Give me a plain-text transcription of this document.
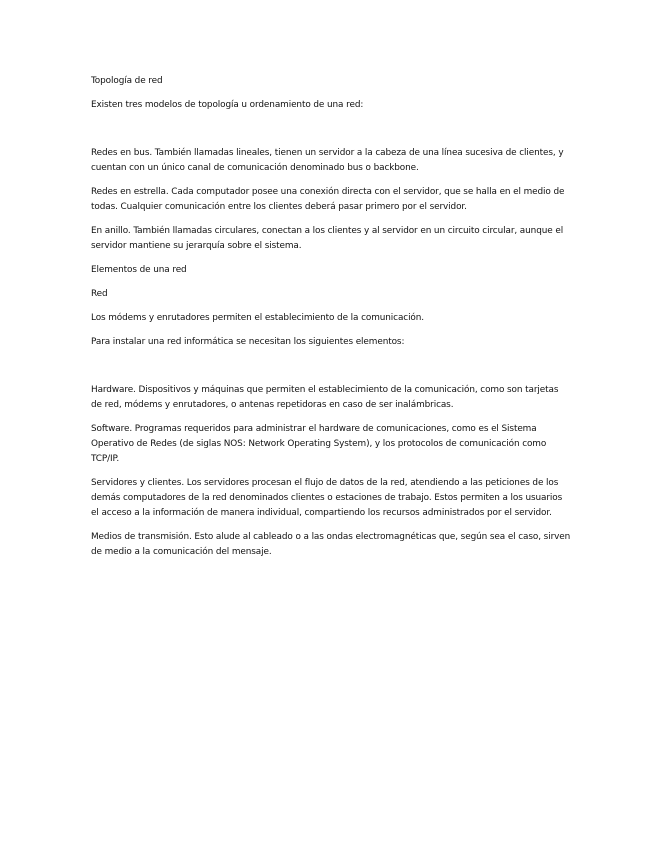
Topología de red

Existen tres modelos de topología u ordenamiento de una red:

Redes en bus. También llamadas lineales, tienen un servidor a la cabeza de una línea sucesiva de clientes, y cuentan con un único canal de comunicación denominado bus o backbone.

Redes en estrella. Cada computador posee una conexión directa con el servidor, que se halla en el medio de todas. Cualquier comunicación entre los clientes deberá pasar primero por el servidor.

En anillo. También llamadas circulares, conectan a los clientes y al servidor en un circuito circular, aunque el servidor mantiene su jerarquía sobre el sistema.

Elementos de una red

Red

Los módems y enrutadores permiten el establecimiento de la comunicación.

Para instalar una red informática se necesitan los siguientes elementos:

Hardware. Dispositivos y máquinas que permiten el establecimiento de la comunicación, como son tarjetas de red, módems y enrutadores, o antenas repetidoras en caso de ser inalámbricas.

Software. Programas requeridos para administrar el hardware de comunicaciones, como es el Sistema Operativo de Redes (de siglas NOS: Network Operating System), y los protocolos de comunicación como TCP/IP.

Servidores y clientes. Los servidores procesan el flujo de datos de la red, atendiendo a las peticiones de los demás computadores de la red denominados clientes o estaciones de trabajo. Estos permiten a los usuarios el acceso a la información de manera individual, compartiendo los recursos administrados por el servidor.

Medios de transmisión. Esto alude al cableado o a las ondas electromagnéticas que, según sea el caso, sirven de medio a la comunicación del mensaje.
